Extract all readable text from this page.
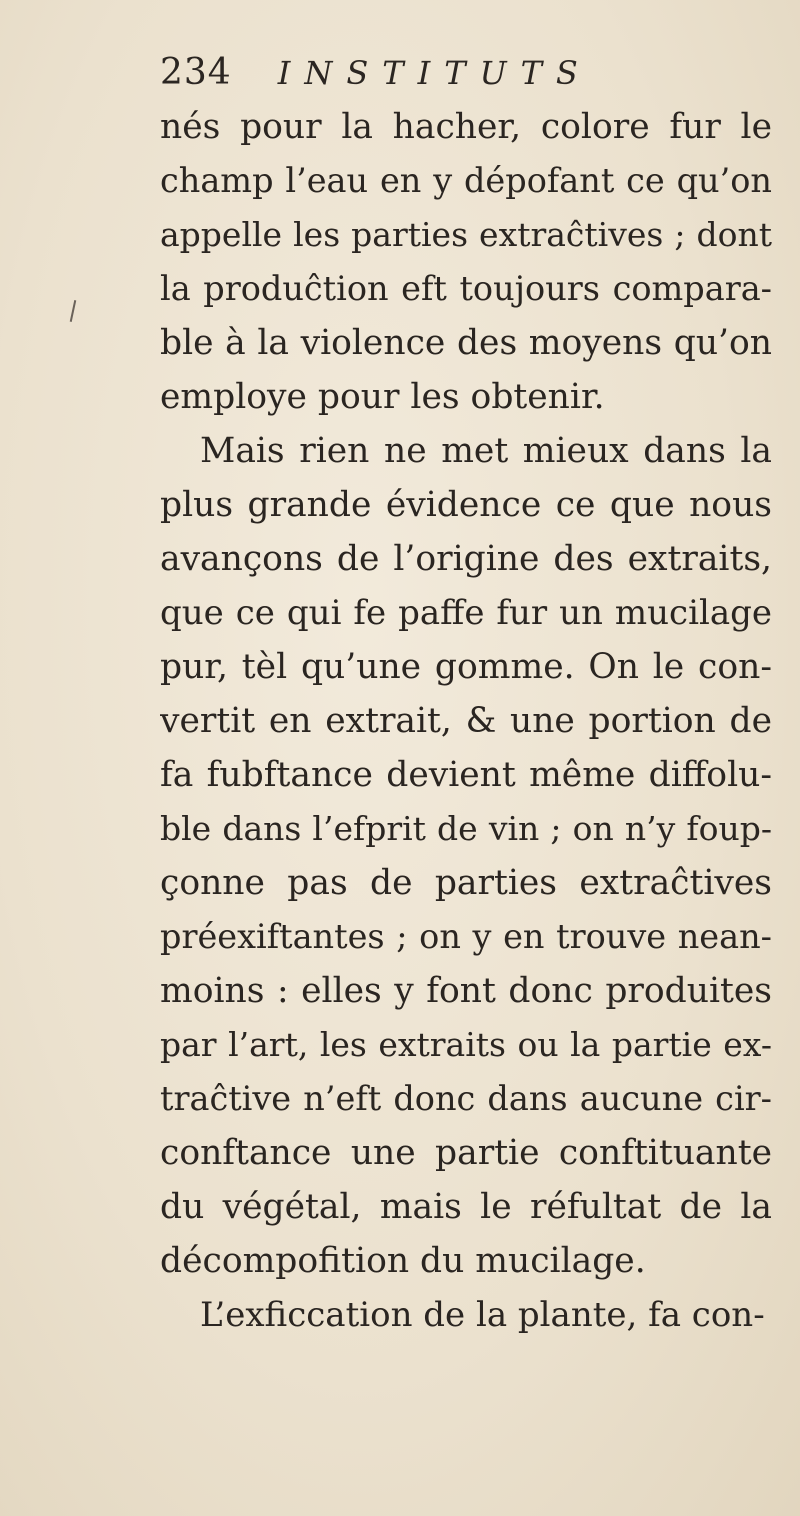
234 INSTITUTS
nés pour la hacher, colore fur le
champ l’eau en y dépofant ce qu’on
appelle les parties extraĉtives ; dont
la produĉtion eft toujours compara-
ble à la violence des moyens qu’on
employe pour les obtenir.
Mais rien ne met mieux dans la
plus grande évidence ce que nous
avançons de l’origine des extraits,
que ce qui fe paffe fur un mucilage
pur, tèl qu’une gomme. On le con-
vertit en extrait, & une portion de
fa fubftance devient même diffolu-
ble dans l’efprit de vin ; on n’y foup-
çonne pas de parties extraĉtives
préexiftantes ; on y en trouve nean-
moins : elles y font donc produites
par l’art, les extraits ou la partie ex-
traĉtive n’eft donc dans aucune cir-
conftance une partie conftituante
du végétal, mais le réfultat de la
décompofition du mucilage.
L’exficcation de la plante, fa con-
